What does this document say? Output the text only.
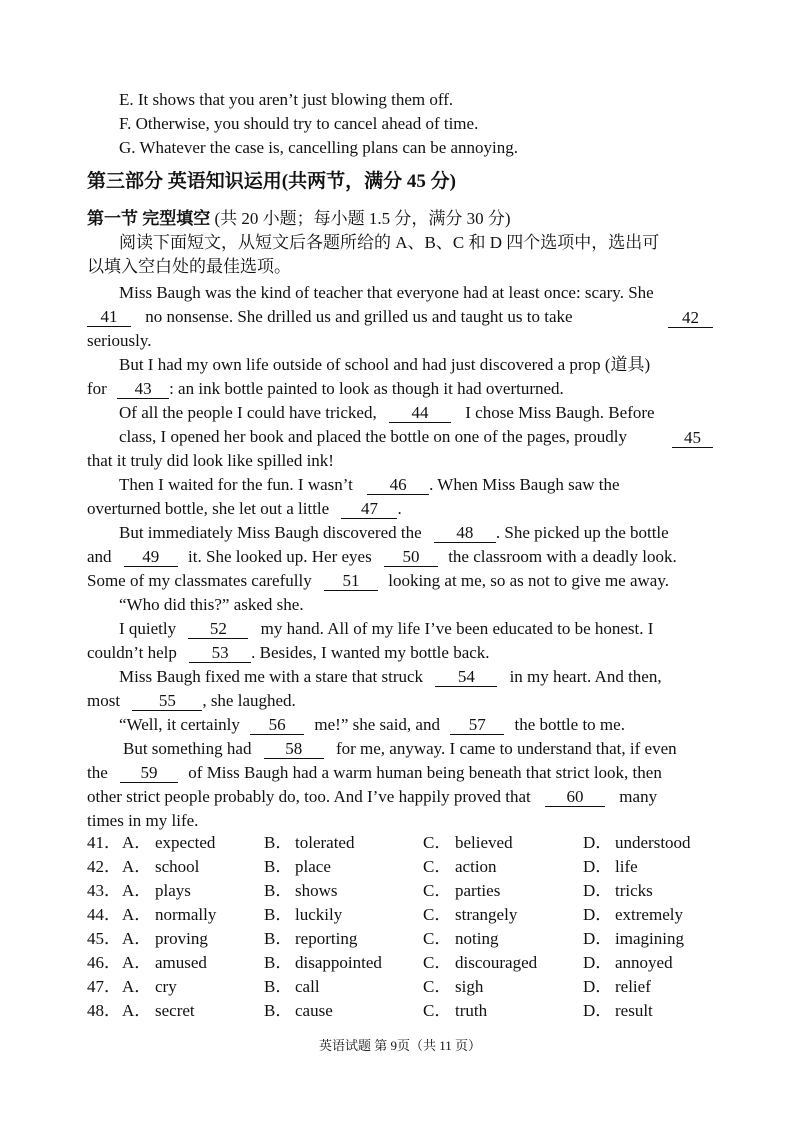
E. It shows that you aren’t just blowing them off.
F. Otherwise, you should try to cancel ahead of time.
G. Whatever the case is, cancelling plans can be annoying.
第三部分 英语知识运用(共两节，满分 45 分)
第一节 完型填空 (共 20 小题；每小题 1.5 分，满分 30 分)
阅读下面短文，从短文后各题所给的 A、B、C 和 D 四个选项中，选出可
以填入空白处的最佳选项。
Miss Baugh was the kind of teacher that everyone had at least once: scary. She
41 no nonsense. She drilled us and grilled us and taught us to take	42
seriously.
But I had my own life outside of school and had just discovered a prop (道具)
for 43 : an ink bottle painted to look as though it had overturned.
Of all the people I could have tricked, 44 I chose Miss Baugh. Before
class, I opened her book and placed the bottle on one of the pages, proudly	45
that it truly did look like spilled ink!
Then I waited for the fun. I wasn’t 46 . When Miss Baugh saw the
overturned bottle, she let out a little 47 .
But immediately Miss Baugh discovered the 48 . She picked up the bottle
and 49 it. She looked up. Her eyes 50 the classroom with a deadly look.
Some of my classmates carefully 51 looking at me, so as not to give me away.
“Who did this?” asked she.
I quietly 52 my hand. All of my life I’ve been educated to be honest. I
couldn’t help 53 . Besides, I wanted my bottle back.
Miss Baugh fixed me with a stare that struck 54 in my heart. And then,
most 55 , she laughed.
“Well, it certainly 56 me!” she said, and 57 the bottle to me.
But something had 58 for me, anyway. I came to understand that, if even
the 59 of Miss Baugh had a warm human being beneath that strict look, then
other strict people probably do, too. And I’ve happily proved that 60 many
times in my life.
41． A． expected	B． tolerated	C． believed	D． understood
42． A． school	B． place	C． action	D． life
43． A． plays	B． shows	C． parties	D． tricks
44． A． normally	B． luckily	C． strangely	D． extremely
45． A． proving	B． reporting	C． noting	D． imagining
46． A． amused	B． disappointed C． discouraged	D． annoyed
47． A． cry	B． call	C． sigh	D． relief
48． A． secret	B． cause	C． truth	D． result
英语试题 第 9页（共 11 页）
